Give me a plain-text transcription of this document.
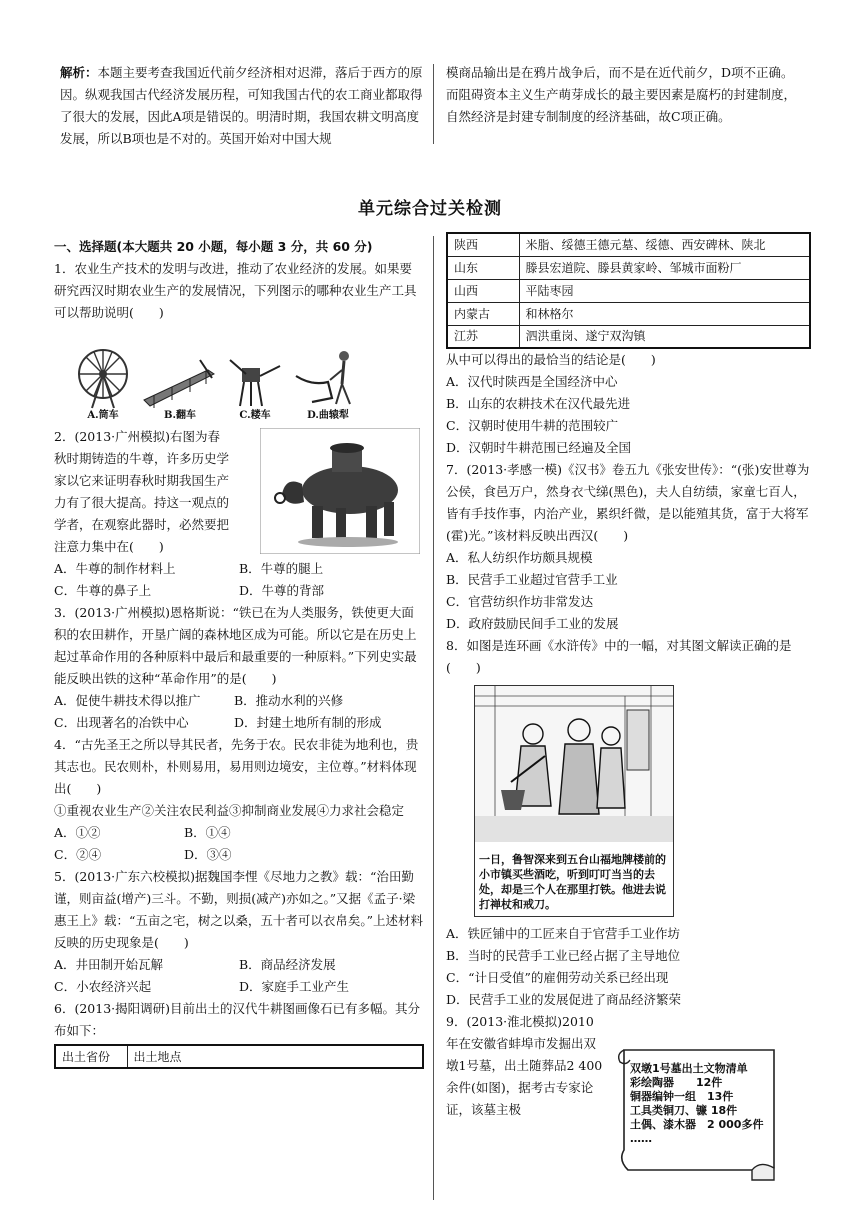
解析：本题主要考查我国近代前夕经济相对迟滞，落后于西方的原因。纵观我国古代经济发展历程，可知我国古代的农工商业都取得了很大的发展，因此A项是错误的。明清时期，我国农耕文明高度发展，所以B项也是不对的。英国开始对中国大规
模商品输出是在鸦片战争后，而不是在近代前夕，D项不正确。而阻碍资本主义生产萌芽成长的最主要因素是腐朽的封建制度，自然经济是封建专制制度的经济基础，故C项正确。
单元综合过关检测
一、选择题(本大题共 20 小题，每小题 3 分，共 60 分)
1．农业生产技术的发明与改进，推动了农业经济的发展。如果要研究西汉时期农业生产的发展情况，下列图示的哪种农业生产工具可以帮助说明(　　)
A.筒车	B.翻车	C.耧车	D.曲辕犁
2．(2013·广州模拟)右图为春秋时期铸造的牛尊，许多历史学家以它来证明春秋时期我国生产力有了很大提高。持这一观点的学者，在观察此器时，必然要把注意力集中在(　　)
A．牛尊的制作材料上	B．牛尊的腿上
C．牛尊的鼻子上	D．牛尊的背部
3．(2013·广州模拟)恩格斯说：“铁已在为人类服务，铁使更大面积的农田耕作，开垦广阔的森林地区成为可能。所以它是在历史上起过革命作用的各种原料中最后和最重要的一种原料。”下列史实最能反映出铁的这种“革命作用”的是(　　)
A．促使牛耕技术得以推广	B．推动水利的兴修
C．出现著名的冶铁中心	D．封建土地所有制的形成
4．“古先圣王之所以导其民者，先务于农。民农非徒为地利也，贵其志也。民农则朴，朴则易用，易用则边境安，主位尊。”材料体现出(　　)
①重视农业生产②关注农民利益③抑制商业发展④力求社会稳定
A．①②	B．①④
C．②④	D．③④
5．(2013·广东六校模拟)据魏国李悝《尽地力之教》载：“治田勤谨，则亩益(增产)三斗。不勤，则损(减产)亦如之。”又据《孟子·梁惠王上》载：“五亩之宅，树之以桑，五十者可以衣帛矣。”上述材料反映的历史现象是(　　)
A．井田制开始瓦解	B．商品经济发展
C．小农经济兴起	D．家庭手工业产生
6．(2013·揭阳调研)目前出土的汉代牛耕图画像石已有多幅。其分布如下：
出土省份	出土地点
陕西	米脂、绥德王德元墓、绥德、西安碑林、陕北
山东	滕县宏道院、滕县黄家岭、邹城市面粉厂
山西	平陆枣园
内蒙古	和林格尔
江苏	泗洪重岗、遂宁双沟镇
从中可以得出的最恰当的结论是(　　)
A．汉代时陕西是全国经济中心
B．山东的农耕技术在汉代最先进
C．汉朝时使用牛耕的范围较广
D．汉朝时牛耕范围已经遍及全国
7．(2013·孝感一模)《汉书》卷五九《张安世传》：“(张)安世尊为公侯，食邑万户，然身衣弋绨(黑色)，夫人自纺绩，家童七百人，皆有手技作事，内治产业，累织纤微，是以能殖其货，富于大将军(霍)光。”该材料反映出西汉(　　)
A．私人纺织作坊颇具规模
B．民营手工业超过官营手工业
C．官营纺织作坊非常发达
D．政府鼓励民间手工业的发展
8．如图是连环画《水浒传》中的一幅，对其图文解读正确的是(　　)
一日，鲁智深来到五台山福地牌楼前的小市镇买些酒吃，听到叮叮当当的去处，却是三个人在那里打铁。他进去说打禅杖和戒刀。
A．铁匠铺中的工匠来自于官营手工业作坊
B．当时的民营手工业已经占据了主导地位
C．“计日受值”的雇佣劳动关系已经出现
D．民营手工业的发展促进了商品经济繁荣
9．(2013·淮北模拟)2010年在安徽省蚌埠市发掘出双墩1号墓，出土随葬品2 400余件(如图)，据考古专家论证，该墓主极
双墩1号墓出土文物清单
彩绘陶器　　12件
铜器编钟一组　13件
工具类铜刀、镰 18件
土偶、漆木器　2 000多件
……
